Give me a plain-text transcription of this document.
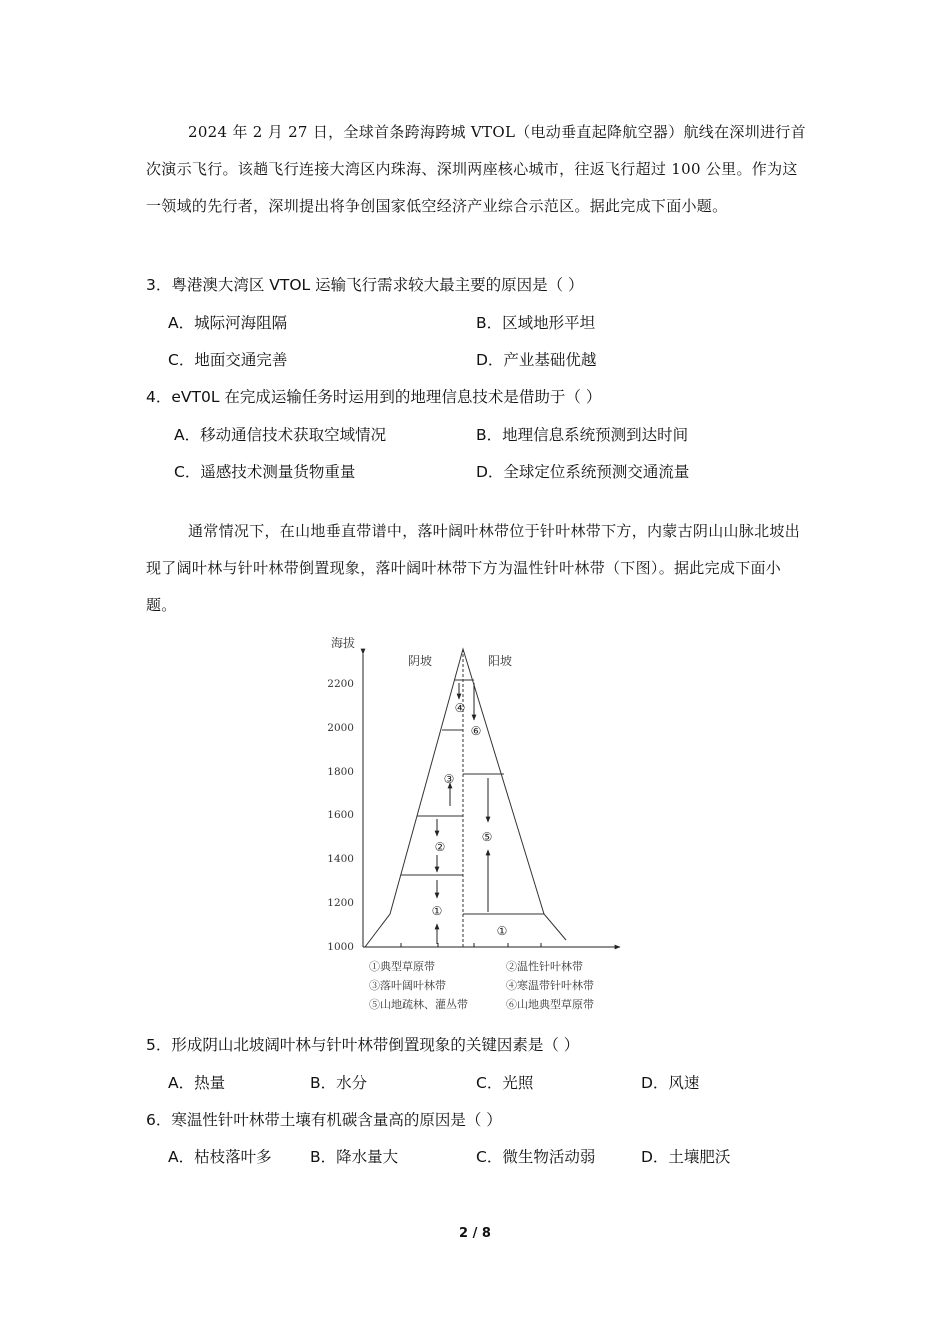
2024 年 2 月 27 日，全球首条跨海跨城 VTOL（电动垂直起降航空器）航线在深圳进行首次演示飞行。该趟飞行连接大湾区内珠海、深圳两座核心城市，往返飞行超过 100 公里。作为这一领域的先行者，深圳提出将争创国家低空经济产业综合示范区。据此完成下面小题。
3．粤港澳大湾区 VTOL 运输飞行需求较大最主要的原因是（ ）
A．城际河海阻隔	B．区域地形平坦
C．地面交通完善	D．产业基础优越
4．eVT0L 在完成运输任务时运用到的地理信息技术是借助于（ ）
A．移动通信技术获取空域情况	B．地理信息系统预测到达时间
C．遥感技术测量货物重量	D．全球定位系统预测交通流量
通常情况下，在山地垂直带谱中，落叶阔叶林带位于针叶林带下方，内蒙古阴山山脉北坡出现了阔叶林与针叶林带倒置现象，落叶阔叶林带下方为温性针叶林带（下图）。据此完成下面小题。
海拔
2200
2000
1800
1600
1400
1200
1000
阴坡	阳坡
④
③
②
①
⑥
⑤
①
①典型草原带	②温性针叶林带
③落叶阔叶林带	④寒温带针叶林带
⑤山地疏林、灌丛带	⑥山地典型草原带
5．形成阴山北坡阔叶林与针叶林带倒置现象的关键因素是（ ）
A．热量	B．水分	C．光照	D．风速
6．寒温性针叶林带土壤有机碳含量高的原因是（ ）
A．枯枝落叶多 B．降水量大	C．微生物活动弱	D．土壤肥沃
2 / 8
